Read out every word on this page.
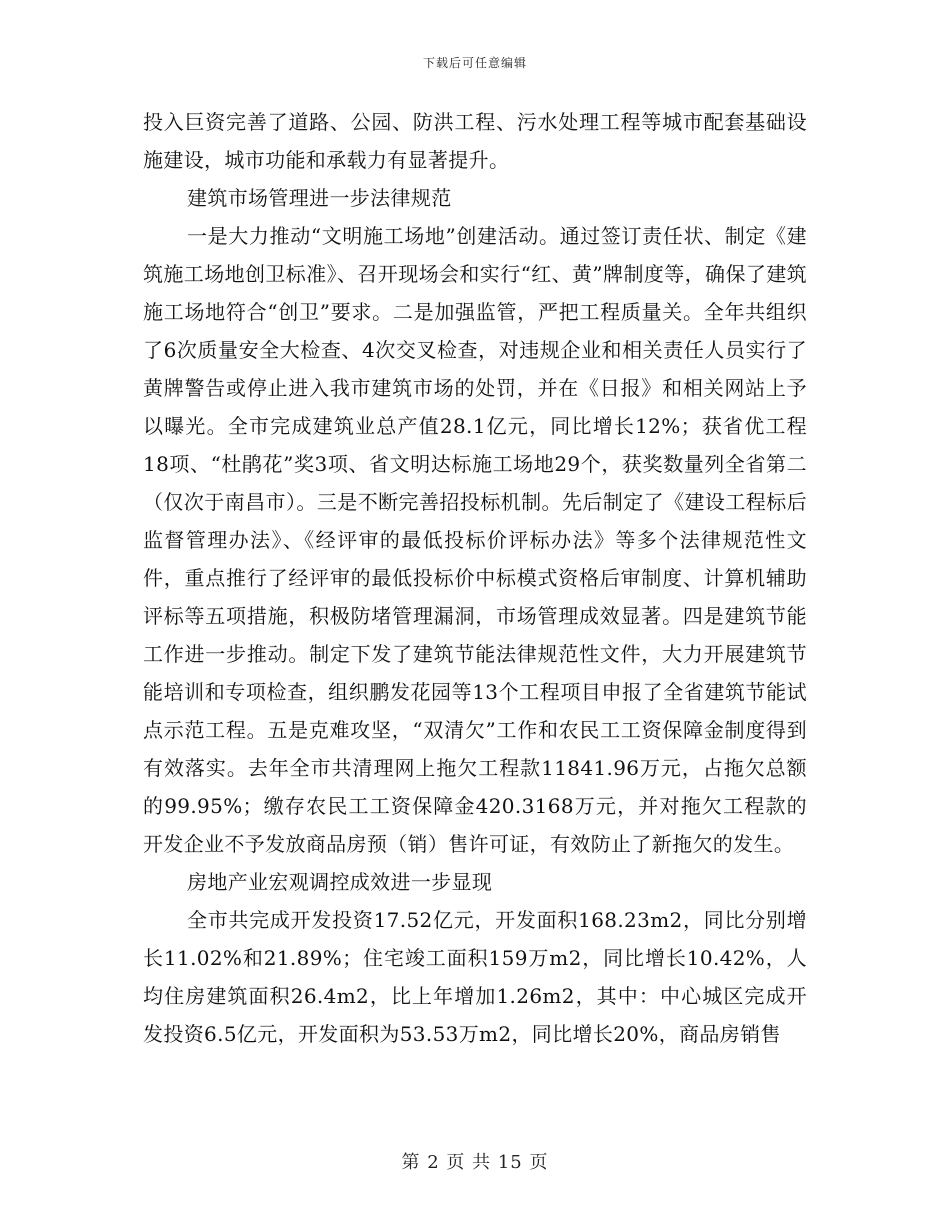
下载后可任意编辑

投入巨资完善了道路、公园、防洪工程、污水处理工程等城市配套基础设施建设，城市功能和承载力有显著提升。

建筑市场管理进一步法律规范

一是大力推动“文明施工场地”创建活动。通过签订责任状、制定《建筑施工场地创卫标准》、召开现场会和实行“红、黄”牌制度等，确保了建筑施工场地符合“创卫”要求。二是加强监管，严把工程质量关。全年共组织了6次质量安全大检查、4次交叉检查，对违规企业和相关责任人员实行了黄牌警告或停止进入我市建筑市场的处罚，并在《日报》和相关网站上予以曝光。全市完成建筑业总产值28.1亿元，同比增长12%；获省优工程18项、“杜鹃花”奖3项、省文明达标施工场地29个，获奖数量列全省第二（仅次于南昌市）。三是不断完善招投标机制。先后制定了《建设工程标后监督管理办法》、《经评审的最低投标价评标办法》等多个法律规范性文件，重点推行了经评审的最低投标价中标模式资格后审制度、计算机辅助评标等五项措施，积极防堵管理漏洞，市场管理成效显著。四是建筑节能工作进一步推动。制定下发了建筑节能法律规范性文件，大力开展建筑节能培训和专项检查，组织鹏发花园等13个工程项目申报了全省建筑节能试点示范工程。五是克难攻坚，“双清欠”工作和农民工工资保障金制度得到有效落实。去年全市共清理网上拖欠工程款11841.96万元，占拖欠总额的99.95%；缴存农民工工资保障金420.3168万元，并对拖欠工程款的开发企业不予发放商品房预（销）售许可证，有效防止了新拖欠的发生。

房地产业宏观调控成效进一步显现

全市共完成开发投资17.52亿元，开发面积168.23m2，同比分别增长11.02%和21.89%；住宅竣工面积159万m2，同比增长10.42%，人均住房建筑面积26.4m2，比上年增加1.26m2，其中：中心城区完成开发投资6.5亿元，开发面积为53.53万m2，同比增长20%，商品房销售

第 2 页 共 15 页
